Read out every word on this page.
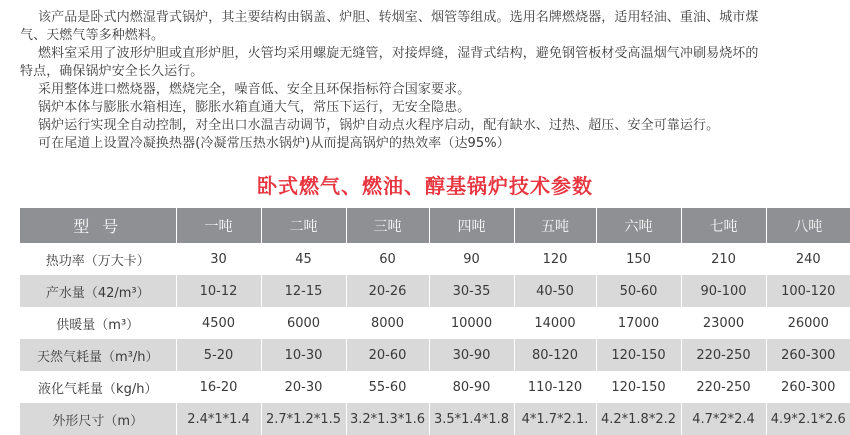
该产品是卧式内燃湿背式锅炉，其主要结构由锅盖、炉胆、转烟室、烟管等组成。选用名牌燃烧器，适用轻油、重油、城市煤
气、天燃气等多种燃料。
燃料室采用了波形炉胆或直形炉胆，火管均采用螺旋无缝管，对接焊缝，湿背式结构，避免钢管板材受高温烟气冲刷易烧坏的
特点，确保锅炉安全长久运行。
采用整体进口燃烧器，燃烧完全，噪音低、安全且环保指标符合国家要求。
锅炉本体与膨胀水箱相连，膨胀水箱直通大气，常压下运行，无安全隐患。
锅炉运行实现全自动控制，对全出口水温吉动调节，锅炉自动点火程序启动，配有缺水、过热、超压、安全可靠运行。
可在尾道上设置冷凝换热器(冷凝常压热水锅炉)从而提高锅炉的热效率（达95%）
卧式燃气、燃油、醇基锅炉技术参数
型 号	一吨	二吨	三吨	四吨	五吨	六吨	七吨	八吨
热功率（万大卡）	30	45	60	90	120	150	210	240
产水量（42/m³）	10-12	12-15	20-26	30-35	40-50	50-60	90-100	100-120
供暖量（m³）	4500	6000	8000	10000	14000	17000	23000	26000
天然气耗量（m³/h）	5-20	10-30	20-60	30-90	80-120	120-150	220-250	260-300
液化气耗量（kg/h）	16-20	20-30	55-60	80-90	110-120	120-150	220-250	260-300
外形尺寸（m）	2.4*1*1.4	2.7*1.2*1.5	3.2*1.3*1.6	3.5*1.4*1.8	4*1.7*2.1.	4.2*1.8*2.2	4.7*2*2.4	4.9*2.1*2.6
